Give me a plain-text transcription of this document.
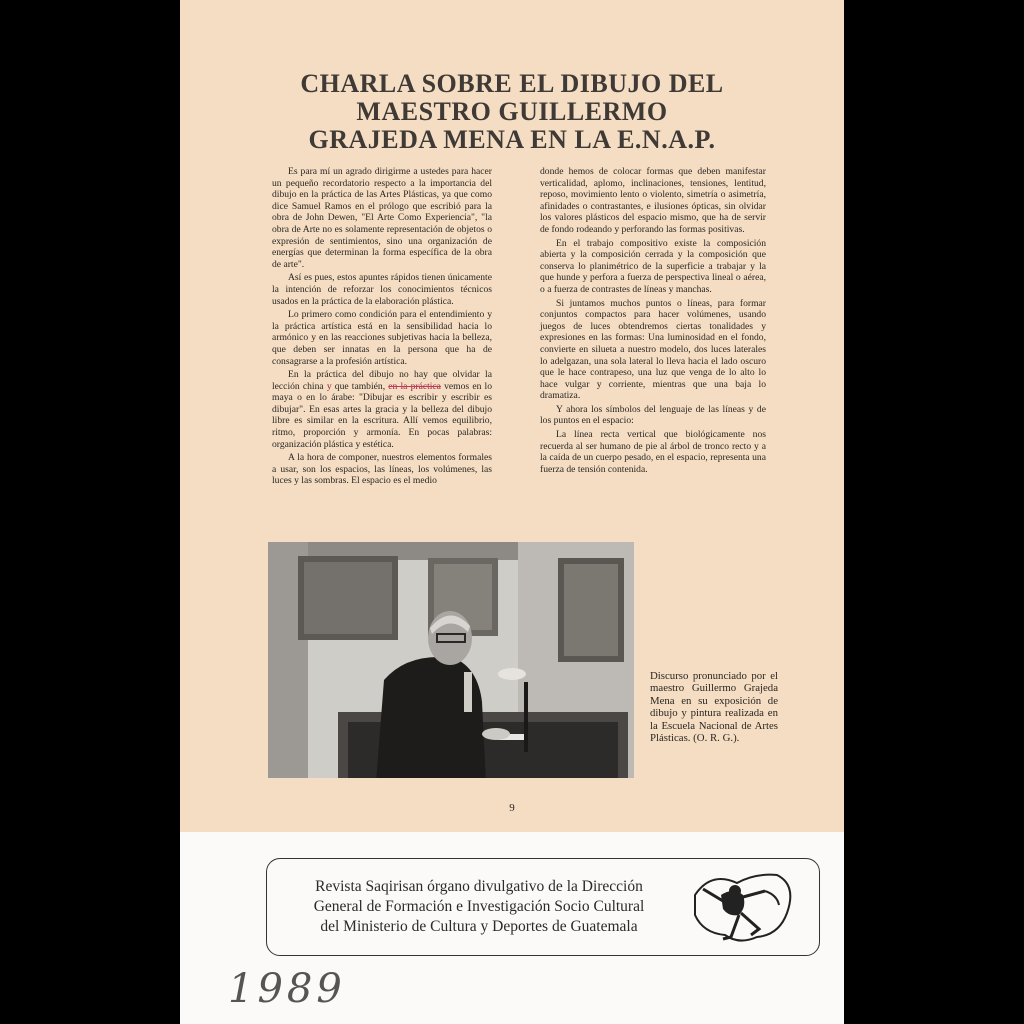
CHARLA SOBRE EL DIBUJO DEL
MAESTRO GUILLERMO
GRAJEDA MENA EN LA E.N.A.P.

Es para mí un agrado dirigirme a ustedes para hacer un pequeño recordatorio respecto a la importancia del dibujo en la práctica de las Artes Plásticas, ya que como dice Samuel Ramos en el prólogo que escribió para la obra de John Dewen, "El Arte Como Experiencia", "la obra de Arte no es solamente representación de objetos o expresión de sentimientos, sino una organización de energías que determinan la forma específica de la obra de arte".

Así es pues, estos apuntes rápidos tienen únicamente la intención de reforzar los conocimientos técnicos usados en la práctica de la elaboración plástica.

Lo primero como condición para el entendimiento y la práctica artística está en la sensibilidad hacia lo armónico y en las reacciones subjetivas hacia la belleza, que deben ser innatas en la persona que ha de consagrarse a la profesión artística.

En la práctica del dibujo no hay que olvidar la lección china y que también, en la práctica vemos en lo maya o en lo árabe: "Dibujar es escribir y escribir es dibujar". En esas artes la gracia y la belleza del dibujo libre es similar en la escritura. Allí vemos equilibrio, ritmo, proporción y armonía. En pocas palabras: organización plástica y estética.

A la hora de componer, nuestros elementos formales a usar, son los espacios, las líneas, los volúmenes, las luces y las sombras. El espacio es el medio

donde hemos de colocar formas que deben manifestar verticalidad, aplomo, inclinaciones, tensiones, lentitud, reposo, movimiento lento o violento, simetría o asimetría, afinidades o contrastantes, e ilusiones ópticas, sin olvidar los valores plásticos del espacio mismo, que ha de servir de fondo rodeando y perforando las formas positivas.

En el trabajo compositivo existe la composición abierta y la composición cerrada y la composición que conserva lo planimétrico de la superficie a trabajar y la que hunde y perfora a fuerza de perspectiva lineal o aérea, o a fuerza de contrastes de líneas y manchas.

Si juntamos muchos puntos o líneas, para formar conjuntos compactos para hacer volúmenes, usando juegos de luces obtendremos ciertas tonalidades y expresiones en las formas: Una luminosidad en el fondo, convierte en silueta a nuestro modelo, dos luces laterales lo adelgazan, una sola lateral lo lleva hacia el lado oscuro que le hace contrapeso, una luz que venga de lo alto lo hace vulgar y corriente, mientras que una baja lo dramatiza.

Y ahora los símbolos del lenguaje de las líneas y de los puntos en el espacio:

La línea recta vertical que biológicamente nos recuerda al ser humano de pie al árbol de tronco recto y a la caída de un cuerpo pesado, en el espacio, representa una fuerza de tensión contenida.

Discurso pronunciado por el maestro Guillermo Grajeda Mena en su exposición de dibujo y pintura realizada en la Escuela Nacional de Artes Plásticas. (O. R. G.).
9
Revista Saqirisan órgano divulgativo de la Dirección
General de Formación e Investigación Socio Cultural
del Ministerio de Cultura y Deportes de Guatemala
1989
